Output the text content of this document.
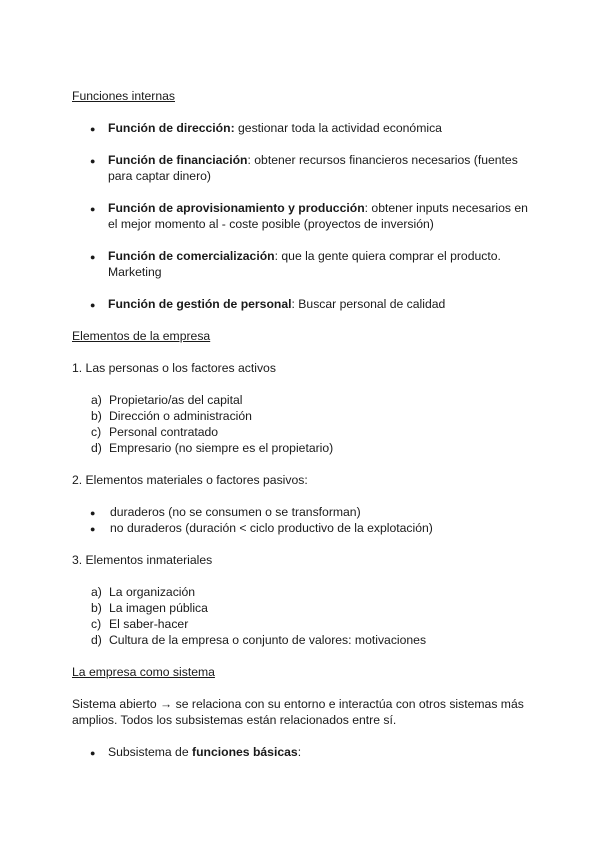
Funciones internas
● Función de dirección: gestionar toda la actividad económica
● Función de financiación: obtener recursos financieros necesarios (fuentes para captar dinero)
● Función de aprovisionamiento y producción: obtener inputs necesarios en el mejor momento al - coste posible (proyectos de inversión)
● Función de comercialización: que la gente quiera comprar el producto. Marketing
● Función de gestión de personal: Buscar personal de calidad
Elementos de la empresa
1. Las personas o los factores activos
a) Propietario/as del capital
b) Dirección o administración
c) Personal contratado
d) Empresario (no siempre es el propietario)
2. Elementos materiales o factores pasivos:
● duraderos (no se consumen o se transforman)
● no duraderos (duración < ciclo productivo de la explotación)
3. Elementos inmateriales
a) La organización
b) La imagen pública
c) El saber-hacer
d) Cultura de la empresa o conjunto de valores: motivaciones
La empresa como sistema
Sistema abierto → se relaciona con su entorno e interactúa con otros sistemas más amplios. Todos los subsistemas están relacionados entre sí.
● Subsistema de funciones básicas:
